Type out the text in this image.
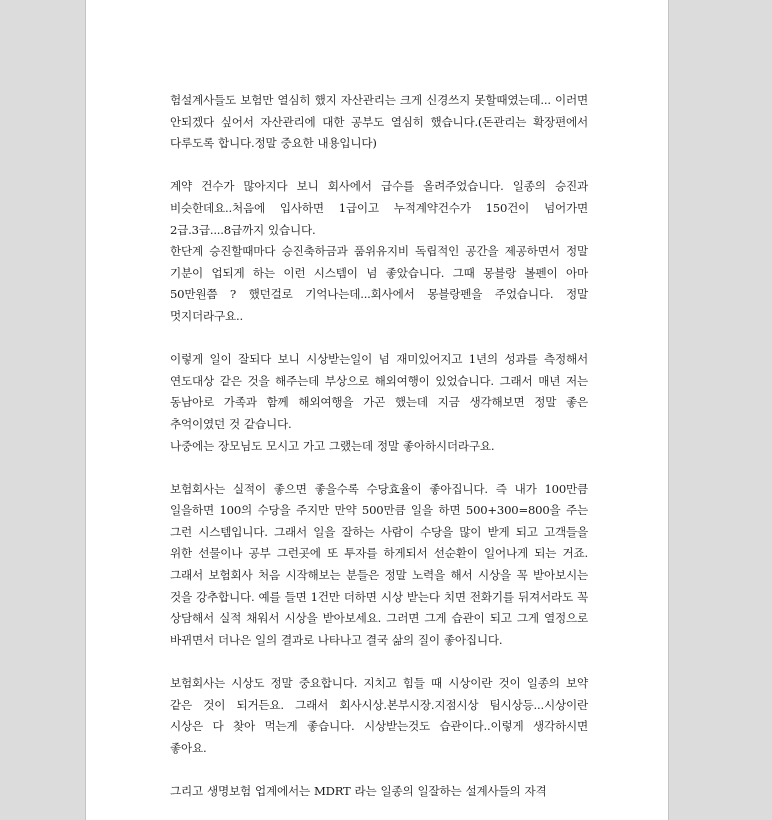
험설계사들도 보험만 열심히 했지 자산관리는 크게 신경쓰지 못할때였는데... 이러면 안되겠다 싶어서 자산관리에 대한 공부도 열심히 했습니다.(돈관리는 확장편에서 다루도록 합니다.정말 중요한 내용입니다)

계약 건수가 많아지다 보니 회사에서 급수를 올려주었습니다. 일종의 승진과 비슷한데요..처음에 입사하면 1급이고 누적계약건수가 150건이 넘어가면 2급.3급....8급까지 있습니다.

한단계 승진할때마다 승진축하금과 품위유지비 독립적인 공간을 제공하면서 정말 기분이 업되게 하는 이런 시스템이 넘 좋았습니다. 그때 몽블랑 볼펜이 아마 50만원쯤 ? 했던걸로 기억나는데...회사에서 몽블랑펜을 주었습니다. 정말 멋지더라구요..

이렇게 일이 잘되다 보니 시상받는일이 넘 재미있어지고 1년의 성과를 측정해서 연도대상 같은 것을 해주는데 부상으로 해외여행이 있었습니다. 그래서 매년 저는 동남아로 가족과 함께 해외여행을 가곤 했는데 지금 생각해보면 정말 좋은 추억이였던 것 같습니다.

나중에는 장모님도 모시고 가고 그랬는데 정말 좋아하시더라구요.

보험회사는 실적이 좋으면 좋을수록 수당효율이 좋아집니다. 즉 내가 100만큼 일을하면 100의 수당을 주지만 만약 500만큼 일을 하면 500+300=800을 주는 그런 시스템입니다. 그래서 일을 잘하는 사람이 수당을 많이 받게 되고 고객들을 위한 선물이나 공부 그런곳에 또 투자를 하게되서 선순환이 일어나게 되는 거죠. 그래서 보험회사 처음 시작해보는 분들은 정말 노력을 해서 시상을 꼭 받아보시는 것을 강추합니다. 예를 들면 1건만 더하면 시상 받는다 치면 전화기를 뒤져서라도 꼭 상담해서 실적 채워서 시상을 받아보세요. 그러면 그게 습관이 되고 그게 열정으로 바뀌면서 더나은 일의 결과로 나타나고 결국 삶의 질이 좋아집니다.

보험회사는 시상도 정말 중요합니다. 지치고 힘들 때 시상이란 것이 일종의 보약 같은 것이 되거든요. 그래서 회사시상.본부시장.지점시상 팀시상등...시상이란 시상은 다 찾아 먹는게 좋습니다. 시상받는것도 습관이다..이렇게 생각하시면 좋아요.

그리고 생명보험 업계에서는 MDRT 라는 일종의 일잘하는 설계사들의 자격
